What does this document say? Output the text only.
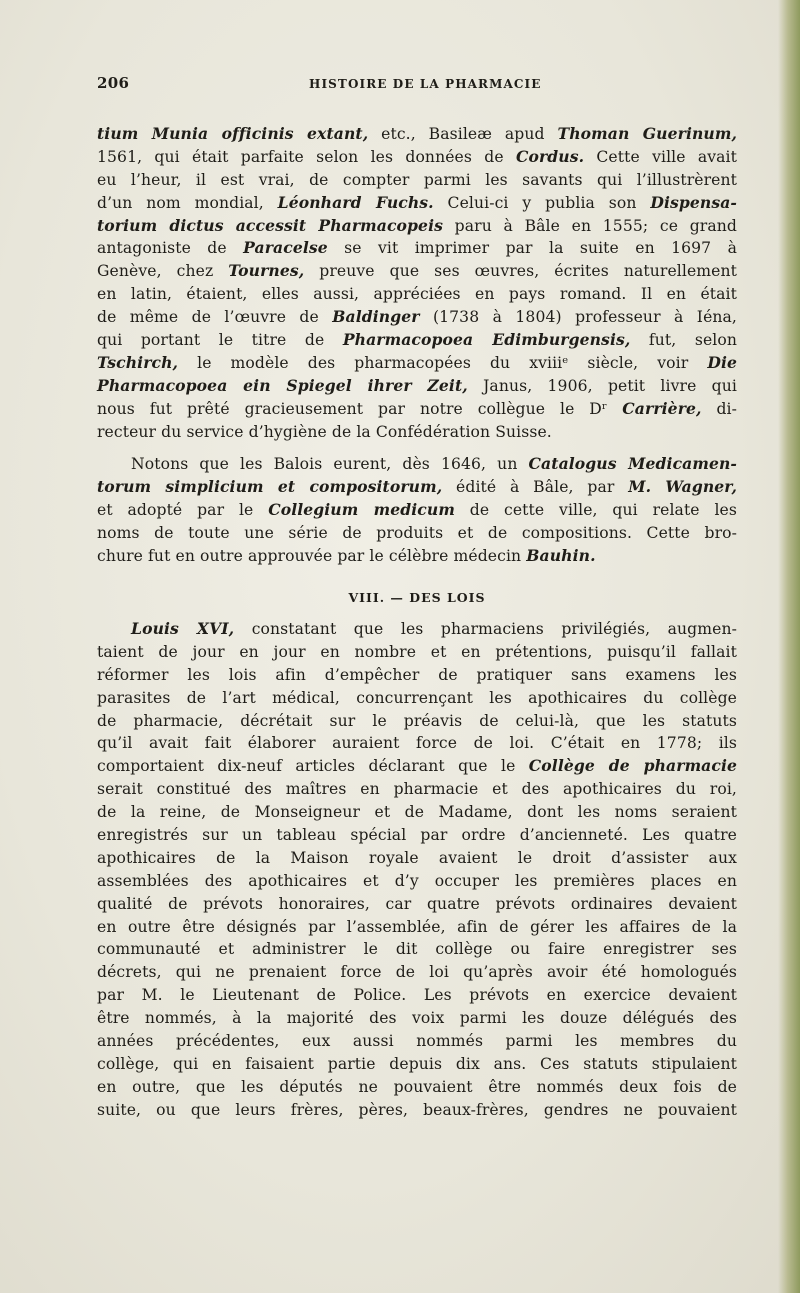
206	HISTOIRE DE LA PHARMACIE
tium Munia officinis extant, etc., Basileæ apud Thoman Guerinum,
1561, qui était parfaite selon les données de Cordus. Cette ville avait
eu l’heur, il est vrai, de compter parmi les savants qui l’illustrèrent
d’un nom mondial, Léonhard Fuchs. Celui-ci y publia son Dispensa-
torium dictus accessit Pharmacopeis paru à Bâle en 1555; ce grand
antagoniste de Paracelse se vit imprimer par la suite en 1697 à
Genève, chez Tournes, preuve que ses œuvres, écrites naturellement
en latin, étaient, elles aussi, appréciées en pays romand. Il en était
de même de l’œuvre de Baldinger (1738 à 1804) professeur à Iéna,
qui portant le titre de Pharmacopoea Edimburgensis, fut, selon
Tschirch, le modèle des pharmacopées du xviiiᵉ siècle, voir Die
Pharmacopoea ein Spiegel ihrer Zeit, Janus, 1906, petit livre qui
nous fut prêté gracieusement par notre collègue le Dʳ Carrière, di-
recteur du service d’hygiène de la Confédération Suisse.
Notons que les Balois eurent, dès 1646, un Catalogus Medicamen-
torum simplicium et compositorum, édité à Bâle, par M. Wagner,
et adopté par le Collegium medicum de cette ville, qui relate les
noms de toute une série de produits et de compositions. Cette bro-
chure fut en outre approuvée par le célèbre médecin Bauhin.
VIII. — DES LOIS
Louis XVI, constatant que les pharmaciens privilégiés, augmen-
taient de jour en jour en nombre et en prétentions, puisqu’il fallait
réformer les lois afin d’empêcher de pratiquer sans examens les
parasites de l’art médical, concurrençant les apothicaires du collège
de pharmacie, décrétait sur le préavis de celui-là, que les statuts
qu’il avait fait élaborer auraient force de loi. C’était en 1778; ils
comportaient dix-neuf articles déclarant que le Collège de pharmacie
serait constitué des maîtres en pharmacie et des apothicaires du roi,
de la reine, de Monseigneur et de Madame, dont les noms seraient
enregistrés sur un tableau spécial par ordre d’ancienneté. Les quatre
apothicaires de la Maison royale avaient le droit d’assister aux
assemblées des apothicaires et d’y occuper les premières places en
qualité de prévots honoraires, car quatre prévots ordinaires devaient
en outre être désignés par l’assemblée, afin de gérer les affaires de la
communauté et administrer le dit collège ou faire enregistrer ses
décrets, qui ne prenaient force de loi qu’après avoir été homologués
par M. le Lieutenant de Police. Les prévots en exercice devaient
être nommés, à la majorité des voix parmi les douze délégués des
années précédentes, eux aussi nommés parmi les membres du
collège, qui en faisaient partie depuis dix ans. Ces statuts stipulaient
en outre, que les députés ne pouvaient être nommés deux fois de
suite, ou que leurs frères, pères, beaux-frères, gendres ne pouvaient
